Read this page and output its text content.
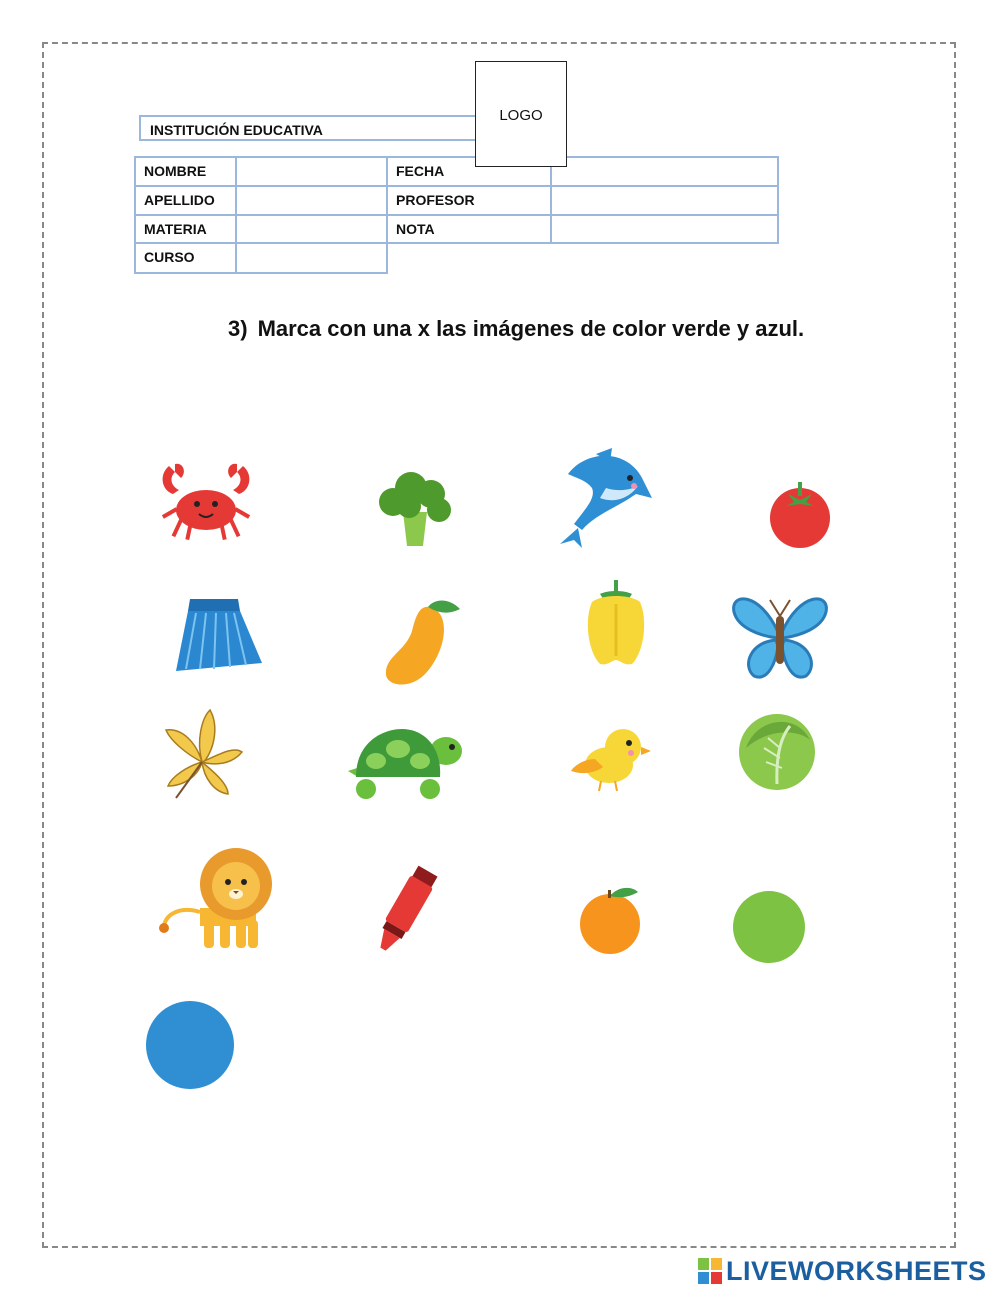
INSTITUCIÓN EDUCATIVA
LOGO
NOMBRE
APELLIDO
MATERIA
CURSO
FECHA
PROFESOR
NOTA
3) Marca con una x las imágenes de color verde y azul.
LIVEWORKSHEETS
